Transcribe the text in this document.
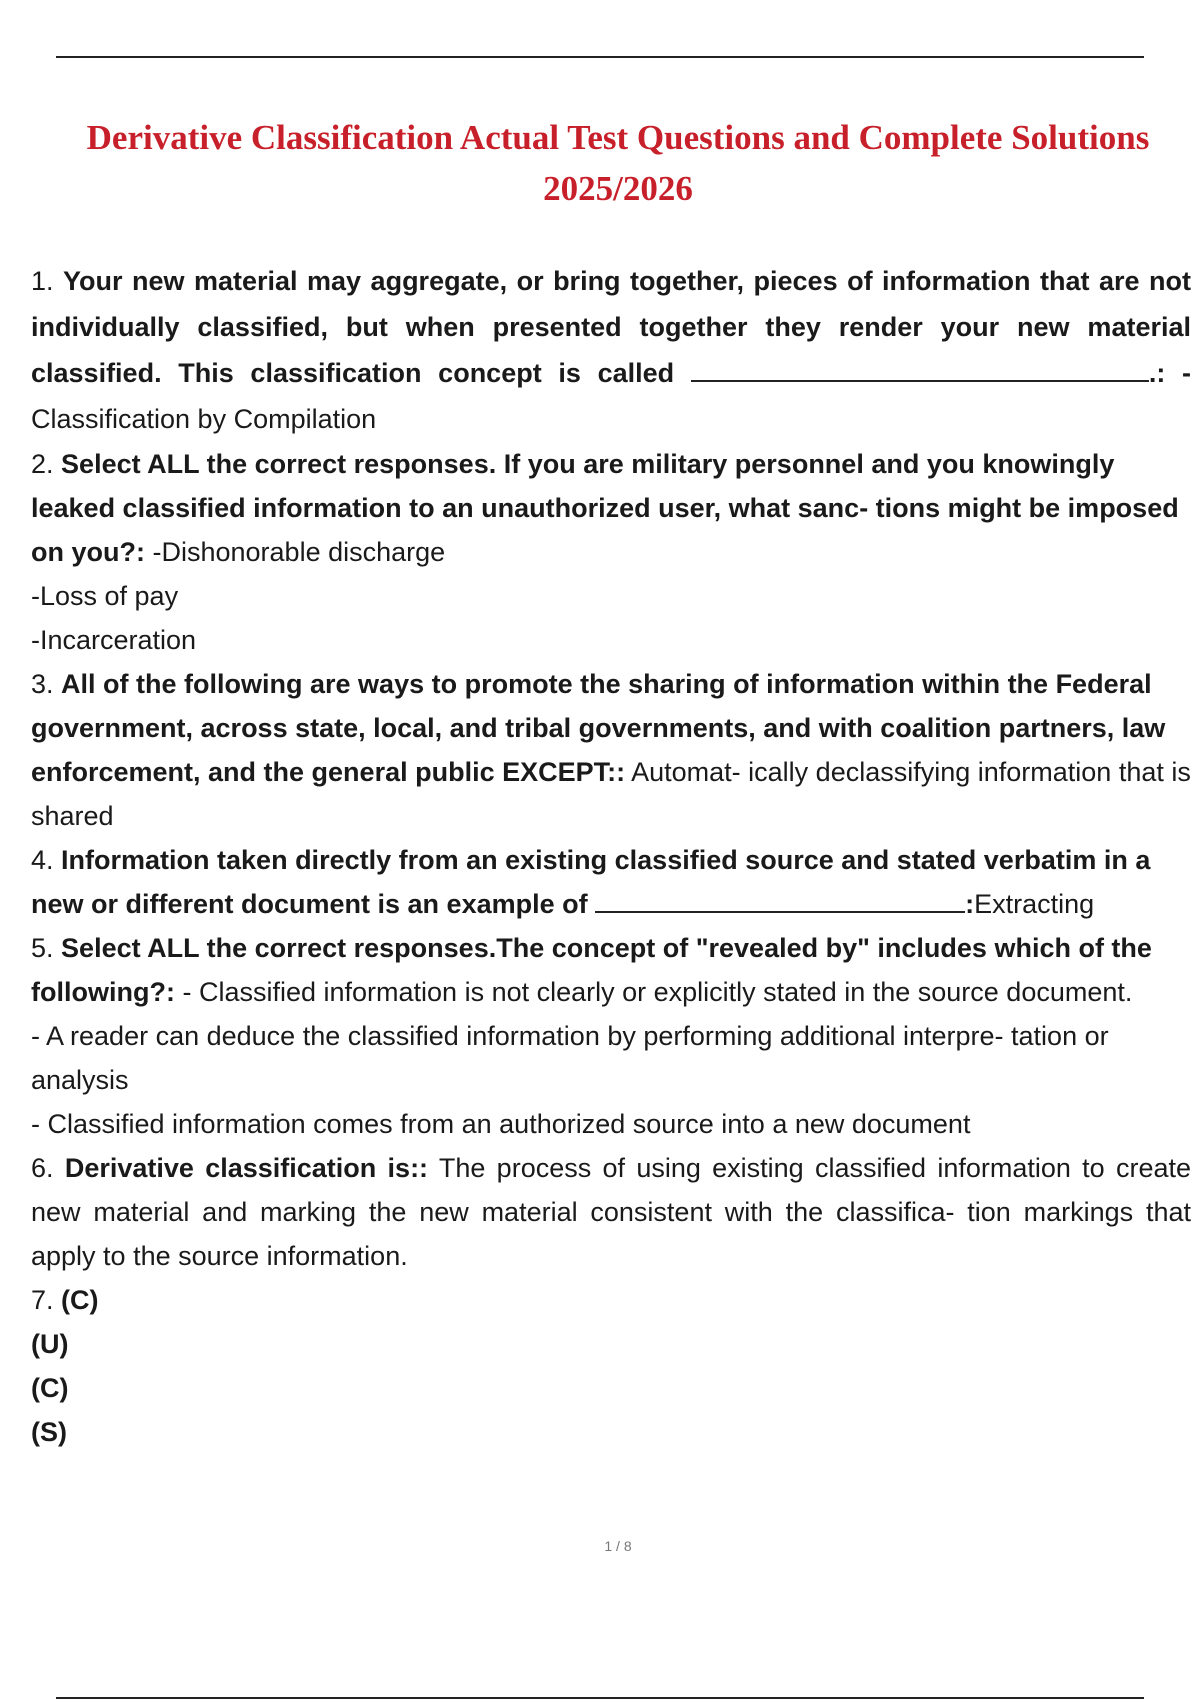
Derivative Classification Actual Test Questions and Complete Solutions
2025/2026

1. Your new material may aggregate, or bring together, pieces of information that are not individually classified, but when presented together they render your new material classified. This classification concept is called	.: - Classification by Compilation

2. Select ALL the correct responses. If you are military personnel and you knowingly leaked classified information to an unauthorized user, what sanc- tions might be imposed on you?: -Dishonorable discharge

-Loss of pay

-Incarceration

3. All of the following are ways to promote the sharing of information within the Federal government, across state, local, and tribal governments, and with coalition partners, law enforcement, and the general public EXCEPT:: Automat- ically declassifying information that is shared

4. Information taken directly from an existing classified source and stated verbatim in a new or different document is an example of	:Extracting

5. Select ALL the correct responses.The concept of "revealed by" includes which of the following?: - Classified information is not clearly or explicitly stated in the source document.

- A reader can deduce the classified information by performing additional interpre- tation or analysis

- Classified information comes from an authorized source into a new document

6. Derivative classification is:: The process of using existing classified information to create new material and marking the new material consistent with the classifica- tion markings that apply to the source information.

7. (C)

(U)

(C)

(S)

1 / 8
